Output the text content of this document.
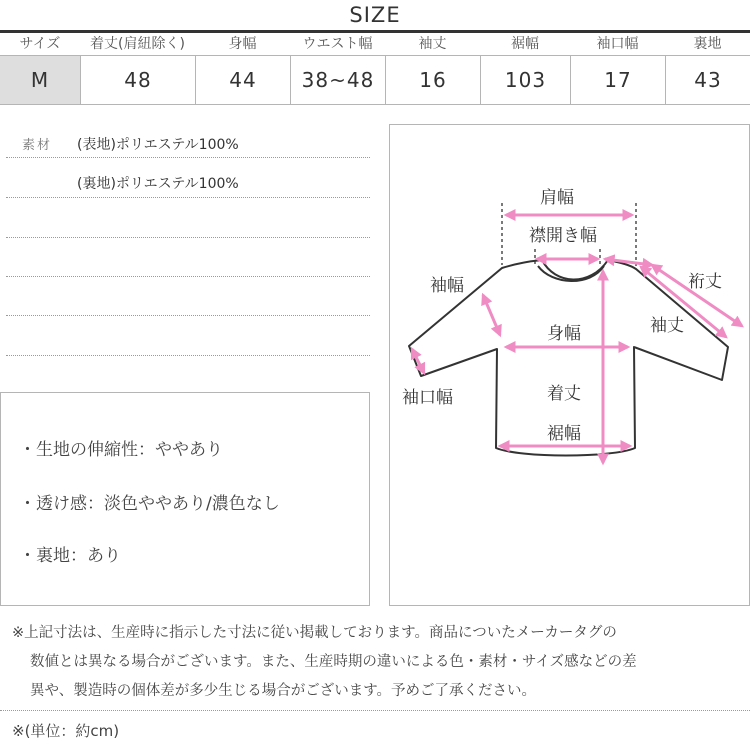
SIZE
サイズ	着丈(肩紐除く)	身幅	ウエスト幅	袖丈	裾幅	袖口幅	裏地
M	48	44	38~48	16	103	17	43
素材 (表地)ポリエステル100%
(裏地)ポリエステル100%
・生地の伸縮性：ややあり
・透け感：淡色ややあり/濃色なし
・裏地：あり
肩幅
襟開き幅
袖幅	裄丈
袖丈
身幅
袖口幅	着丈
裾幅
※上記寸法は、生産時に指示した寸法に従い掲載しております。商品についたメーカータグの

数値とは異なる場合がございます。また、生産時期の違いによる色・素材・サイズ感などの差
異や、製造時の個体差が多少生じる場合がございます。予めご了承ください。
※(単位：約cm)
